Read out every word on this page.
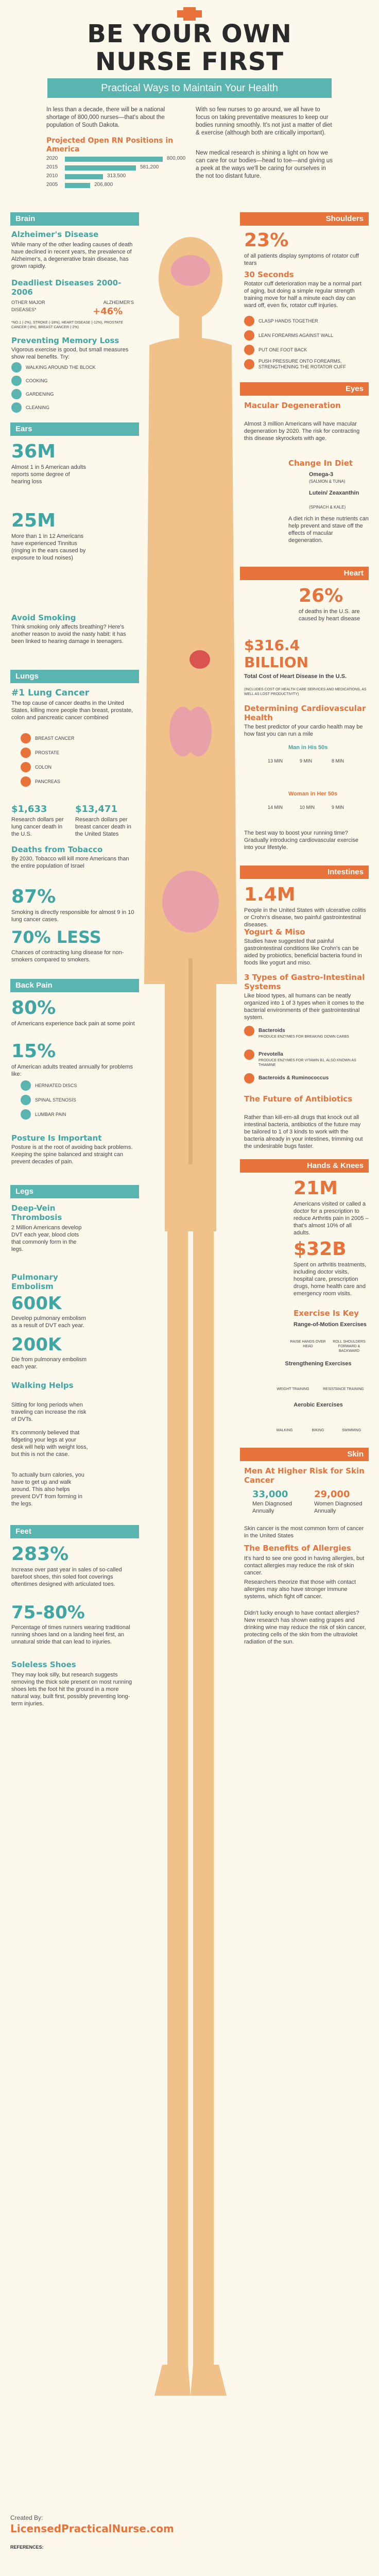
BE YOUR OWN
NURSE FIRST
Practical Ways to Maintain Your Health
In less than a decade, there will be a national shortage of 800,000 nurses—that's about the population of South Dakota.
With so few nurses to go around, we all have to focus on taking preventative measures to keep our bodies running smoothly. It's not just a matter of diet & exercise (although both are critically important).
New medical research is shining a light on how we can care for our bodies—head to toe—and giving us a peek at the ways we'll be caring for ourselves in the not too distant future.
Projected Open RN Positions in America
2020	800,000
2015	581,200
2010	313,500
2005	206,800
Brain
Alzheimer's Disease
While many of the other leading causes of death have declined in recent years, the prevalence of Alzheimer's, a degenerative brain disease, has grown rapidly.
Deadliest Diseases 2000-2006
OTHER MAJOR DISEASES*
ALZHEIMER'S
+46%
*NO.1 (-2%), STROKE (-18%), HEART DISEASE (-12%), PROSTATE CANCER (-8%), BREAST CANCER (-2%)
Preventing Memory Loss
Vigorous exercise is good, but small measures show real benefits. Try:
WALKING AROUND THE BLOCK
COOKING
GARDENING
CLEANING
Ears
36M
Almost 1 in 5 American adults reports some degree of hearing loss
25M
More than 1 in 12 Americans have experienced Tinnitus (ringing in the ears caused by exposure to loud noises)
Avoid Smoking
Think smoking only affects breathing? Here's another reason to avoid the nasty habit: it has been linked to hearing damage in teenagers.
Lungs
#1 Lung Cancer
The top cause of cancer deaths in the United States, killing more people than breast, prostate, colon and pancreatic cancer combined
BREAST CANCER
PROSTATE
COLON
PANCREAS
$1,633
Research dollars per lung cancer death in the U.S.
$13,471
Research dollars per breast cancer death in the United States
Deaths from Tobacco
By 2030, Tobacco will kill more Americans than the entire population of Israel
87%
Smoking is directly responsible for almost 9 in 10 lung cancer cases.
70% LESS
Chances of contracting lung disease for non-smokers compared to smokers.
Back Pain
80%
of Americans experience back pain at some point
15%
of American adults treated annually for problems like:
HERNIATED DISCS
SPINAL STENOSIS
LUMBAR PAIN
Posture Is Important
Posture is at the root of avoiding back problems. Keeping the spine balanced and straight can prevent decades of pain.
Legs
Deep-Vein Thrombosis
2 Million Americans develop DVT each year, blood clots that commonly form in the legs.
Pulmonary Embolism
600K
Develop pulmonary embolism as a result of DVT each year.
200K
Die from pulmonary embolism each year.
Walking Helps
Sitting for long periods when traveling can increase the risk of DVTs.
It's commonly believed that fidgeting your legs at your desk will help with weight loss, but this is not the case.
To actually burn calories, you have to get up and walk around. This also helps prevent DVT from forming in the legs.
Feet
283%
Increase over past year in sales of so-called barefoot shoes, thin soled foot coverings oftentimes designed with articulated toes.
75-80%
Percentage of times runners wearing traditional running shoes land on a landing heel first, an unnatural stride that can lead to injuries.
Soleless Shoes
They may look silly, but research suggests removing the thick sole present on most running shoes lets the foot hit the ground in a more natural way, built first, possibly preventing long-term injuries.
Shoulders
23%
of all patients display symptoms of rotator cuff tears
30 Seconds
Rotator cuff deterioration may be a normal part of aging, but doing a simple regular strength training move for half a minute each day can ward off, even fix, rotator cuff injuries.
CLASP HANDS TOGETHER
LEAN FOREARMS AGAINST WALL
PUT ONE FOOT BACK
PUSH PRESSURE ONTO FOREARMS, STRENGTHENING THE ROTATOR CUFF
Eyes
Macular Degeneration
Almost 3 million Americans will have macular degeneration by 2020. The risk for contracting this disease skyrockets with age.
Change In Diet
Omega-3
(SALMON & TUNA)
Lutein/ Zeaxanthin
(SPINACH & KALE)
A diet rich in these nutrients can help prevent and stave off the effects of macular degeneration.
Heart
26%
of deaths in the U.S. are caused by heart disease
$316.4 BILLION
Total Cost of Heart Disease in the U.S.
(INCLUDES COST OF HEALTH CARE SERVICES AND MEDICATIONS, AS WELL AS LOST PRODUCTIVITY)
Determining Cardiovascular Health
The best predictor of your cardio health may be how fast you can run a mile
Man in His 50s
13 MIN	9 MIN	8 MIN
Woman in Her 50s
14 MIN	10 MIN	9 MIN
The best way to boost your running time? Gradually introducing cardiovascular exercise into your lifestyle.
Intestines
1.4M
People in the United States with ulcerative colitis or Crohn's disease, two painful gastrointestinal diseases.
Yogurt & Miso
Studies have suggested that painful gastrointestinal conditions like Crohn's can be aided by probiotics, beneficial bacteria found in foods like yogurt and miso.
3 Types of Gastro-Intestinal Systems
Like blood types, all humans can be neatly organized into 1 of 3 types when it comes to the bacterial environments of their gastrointestinal system.
Bacteroids
PRODUCE ENZYMES FOR BREAKING DOWN CARBS
Prevotella
PRODUCE ENZYMES FOR VITAMIN B1, ALSO KNOWN AS THIAMINE
Bacteroids & Ruminococcus
The Future of Antibiotics
Rather than kill-em-all drugs that knock out all intestinal bacteria, antibiotics of the future may be tailored to 1 of 3 kinds to work with the bacteria already in your intestines, trimming out the undesirable bugs faster.
Hands & Knees
21M
Americans visited or called a doctor for a prescription to reduce Arthritis pain in 2005 – that's almost 10% of all adults.
$32B
Spent on arthritis treatments, including doctor visits, hospital care, prescription drugs, home health care and emergency room visits.
Exercise Is Key
Range-of-Motion Exercises
RAISE HANDS OVER HEAD
ROLL SHOULDERS FORWARD & BACKWARD
Strengthening Exercises
WEIGHT TRAINING	RESISTANCE TRAINING
Aerobic Exercises
WALKING	BIKING	SWIMMING
Skin
Men At Higher Risk for Skin Cancer
33,000
Men Diagnosed Annually
29,000
Women Diagnosed Annually
Skin cancer is the most common form of cancer in the United States
The Benefits of Allergies
It's hard to see one good in having allergies, but contact allergies may reduce the risk of skin cancer.
Researchers theorize that those with contact allergies may also have stronger immune systems, which fight off cancer.
Didn't lucky enough to have contact allergies? New research has shown eating grapes and drinking wine may reduce the risk of skin cancer, protecting cells of the skin from the ultraviolet radiation of the sun.
Created By:
LicensedPracticalNurse.com
REFERENCES:
